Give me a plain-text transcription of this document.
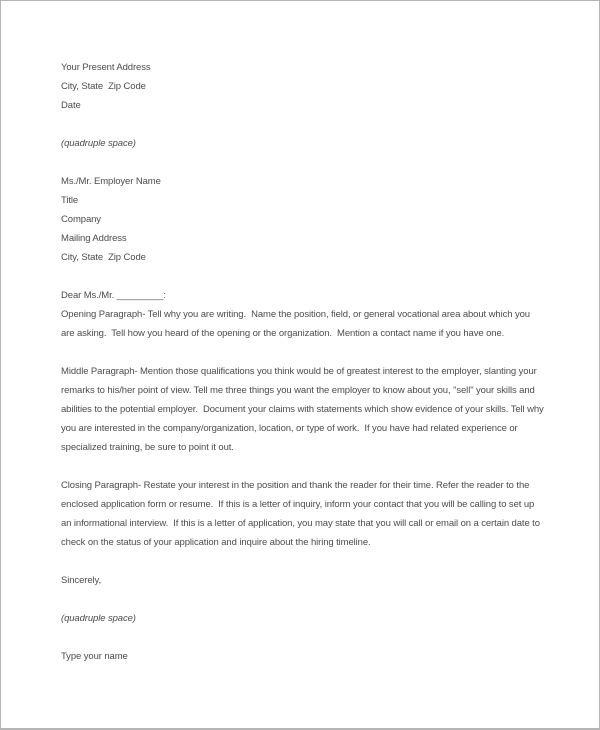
Your Present Address
City, State  Zip Code
Date
(quadruple space)
Ms./Mr. Employer Name
Title
Company
Mailing Address
City, State  Zip Code
Dear Ms./Mr. _________:
Opening Paragraph- Tell why you are writing.  Name the position, field, or general vocational area about which you are asking.  Tell how you heard of the opening or the organization.  Mention a contact name if you have one.
Middle Paragraph- Mention those qualifications you think would be of greatest interest to the employer, slanting your remarks to his/her point of view. Tell me three things you want the employer to know about you, "sell" your skills and abilities to the potential employer.  Document your claims with statements which show evidence of your skills. Tell why you are interested in the company/organization, location, or type of work.  If you have had related experience or specialized training, be sure to point it out.
Closing Paragraph- Restate your interest in the position and thank the reader for their time. Refer the reader to the enclosed application form or resume.  If this is a letter of inquiry, inform your contact that you will be calling to set up an informational interview.  If this is a letter of application, you may state that you will call or email on a certain date to check on the status of your application and inquire about the hiring timeline.
Sincerely,
(quadruple space)
Type your name
